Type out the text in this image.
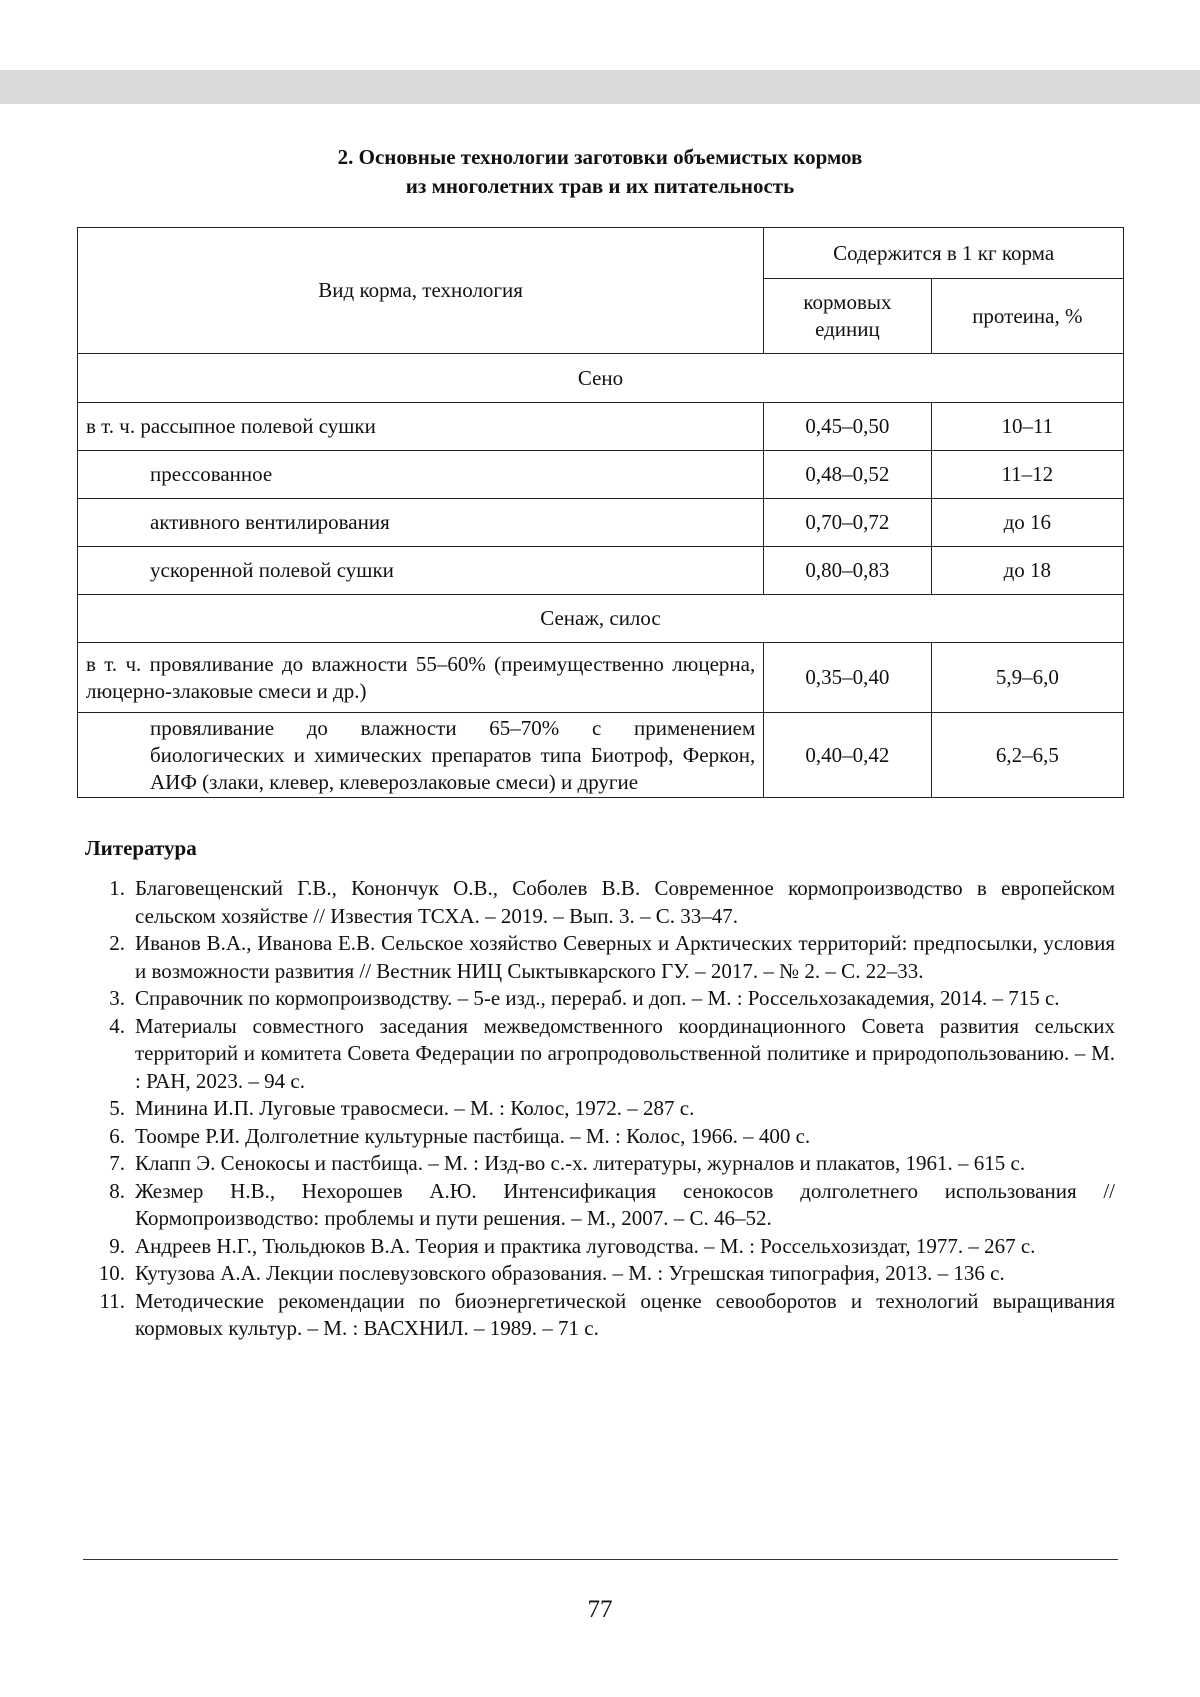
2. Основные технологии заготовки объемистых кормов
из многолетних трав и их питательность
Вид корма, технология	Содержится в 1 кг корма	
	кормовых единиц	протеина, %
Сено		
в т. ч. рассыпное полевой сушки	0,45–0,50	10–11
прессованное	0,48–0,52	11–12
активного вентилирования	0,70–0,72	до 16
ускоренной полевой сушки	0,80–0,83	до 18
Сенаж, силос		
в т. ч. провяливание до влажности 55–60% (преимущественно люцерна, люцерно-злаковые смеси и др.)	0,35–0,40	5,9–6,0
провяливание до влажности 65–70% с применением биологических и химических препаратов типа Биотроф, Феркон, АИФ (злаки, клевер, клеверозлаковые смеси) и другие	0,40–0,42	6,2–6,5
Литература
1. Благовещенский Г.В., Конончук О.В., Соболев В.В. Современное кормопроизводство в европейском сельском хозяйстве // Известия ТСХА. – 2019. – Вып. 3. – С. 33–47.
2. Иванов В.А., Иванова Е.В. Сельское хозяйство Северных и Арктических территорий: предпосылки, условия и возможности развития // Вестник НИЦ Сыктывкарского ГУ. – 2017. – № 2. – С. 22–33.
3. Справочник по кормопроизводству. – 5-е изд., перераб. и доп. – М. : Россельхозакадемия, 2014. – 715 с.
4. Материалы совместного заседания межведомственного координационного Совета развития сельских территорий и комитета Совета Федерации по агропродовольственной политике и природопользованию. – М. : РАН, 2023. – 94 с.
5. Минина И.П. Луговые травосмеси. – М. : Колос, 1972. – 287 с.
6. Тоомре Р.И. Долголетние культурные пастбища. – М. : Колос, 1966. – 400 с.
7. Клапп Э. Сенокосы и пастбища. – М. : Изд-во с.-х. литературы, журналов и плакатов, 1961. – 615 с.
8. Жезмер Н.В., Нехорошев А.Ю. Интенсификация сенокосов долголетнего использования // Кормопроизводство: проблемы и пути решения. – М., 2007. – С. 46–52.
9. Андреев Н.Г., Тюльдюков В.А. Теория и практика луговодства. – М. : Россельхозиздат, 1977. – 267 с.
10. Кутузова А.А. Лекции послевузовского образования. – М. : Угрешская типография, 2013. – 136 с.
11. Методические рекомендации по биоэнергетической оценке севооборотов и технологий выращивания кормовых культур. – М. : ВАСХНИЛ. – 1989. – 71 с.
77
